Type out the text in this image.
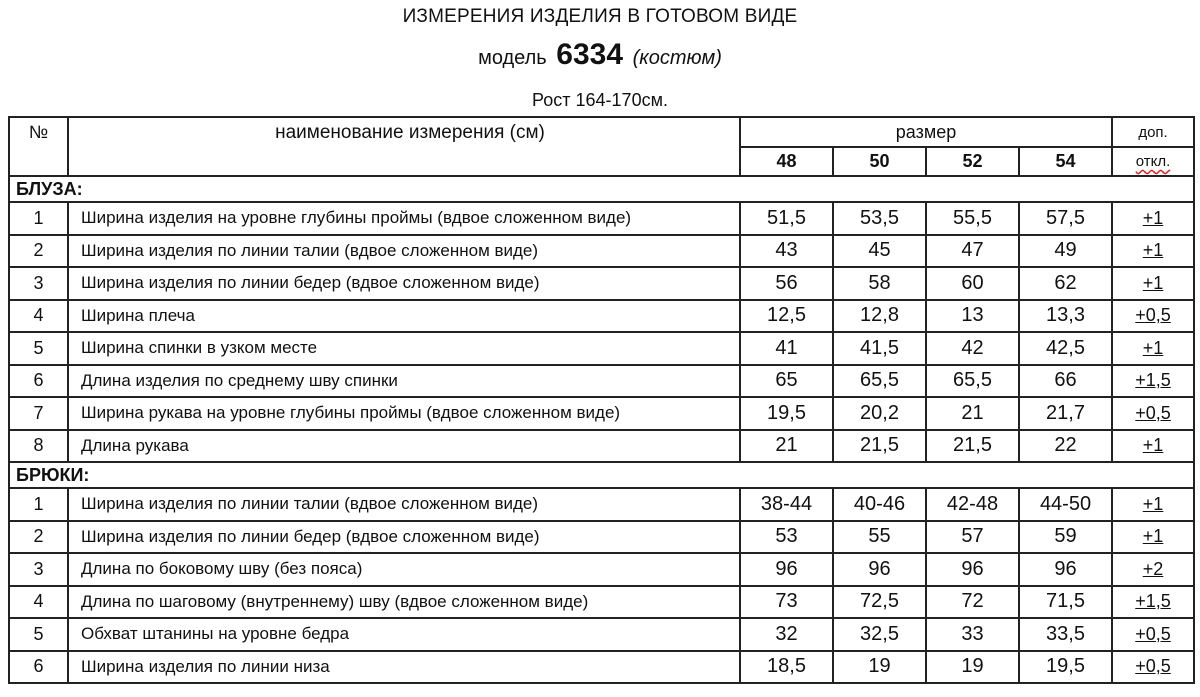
ИЗМЕРЕНИЯ ИЗДЕЛИЯ В ГОТОВОМ ВИДЕ
модель 6334 (костюм)
Рост 164-170см.
№	наименование измерения (см)	размер				доп.
		48	50	52	54	откл.
БЛУЗА:						
1	Ширина изделия на уровне глубины проймы (вдвое сложенном виде)	51,5	53,5	55,5	57,5	+1
2	Ширина изделия по линии талии (вдвое сложенном виде)	43	45	47	49	+1
3	Ширина изделия по линии бедер (вдвое сложенном виде)	56	58	60	62	+1
4	Ширина плеча	12,5	12,8	13	13,3	+0,5
5	Ширина спинки в узком месте	41	41,5	42	42,5	+1
6	Длина изделия по среднему шву спинки	65	65,5	65,5	66	+1,5
7	Ширина рукава на уровне глубины проймы (вдвое сложенном виде)	19,5	20,2	21	21,7	+0,5
8	Длина рукава	21	21,5	21,5	22	+1
БРЮКИ:						
1	Ширина изделия по линии талии (вдвое сложенном виде)	38-44	40-46	42-48	44-50	+1
2	Ширина изделия по линии бедер (вдвое сложенном виде)	53	55	57	59	+1
3	Длина по боковому шву (без пояса)	96	96	96	96	+2
4	Длина по шаговому (внутреннему) шву (вдвое сложенном виде)	73	72,5	72	71,5	+1,5
5	Обхват штанины на уровне бедра	32	32,5	33	33,5	+0,5
6	Ширина изделия по линии низа	18,5	19	19	19,5	+0,5
